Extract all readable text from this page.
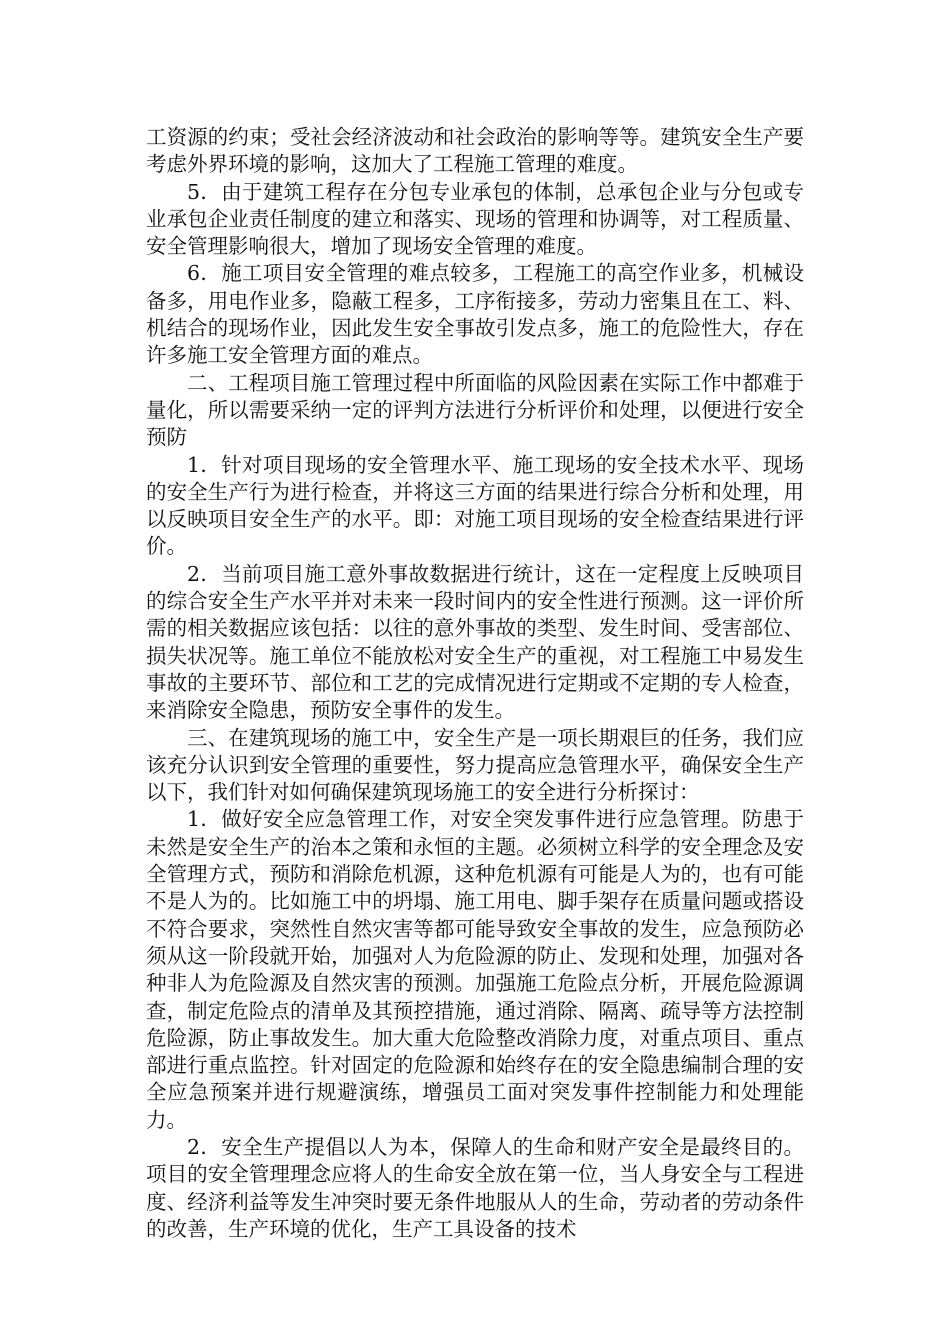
工资源的约束；受社会经济波动和社会政治的影响等等。建筑安全生产要考虑外界环境的影响，这加大了工程施工管理的难度。

5．由于建筑工程存在分包专业承包的体制，总承包企业与分包或专业承包企业责任制度的建立和落实、现场的管理和协调等，对工程质量、安全管理影响很大，增加了现场安全管理的难度。

6．施工项目安全管理的难点较多，工程施工的高空作业多，机械设备多，用电作业多，隐蔽工程多，工序衔接多，劳动力密集且在工、料、机结合的现场作业，因此发生安全事故引发点多，施工的危险性大，存在许多施工安全管理方面的难点。

二、工程项目施工管理过程中所面临的风险因素在实际工作中都难于量化，所以需要采纳一定的评判方法进行分析评价和处理，以便进行安全预防

1．针对项目现场的安全管理水平、施工现场的安全技术水平、现场的安全生产行为进行检查，并将这三方面的结果进行综合分析和处理，用以反映项目安全生产的水平。即：对施工项目现场的安全检查结果进行评价。

2．当前项目施工意外事故数据进行统计，这在一定程度上反映项目的综合安全生产水平并对未来一段时间内的安全性进行预测。这一评价所需的相关数据应该包括：以往的意外事故的类型、发生时间、受害部位、损失状况等。施工单位不能放松对安全生产的重视，对工程施工中易发生事故的主要环节、部位和工艺的完成情况进行定期或不定期的专人检查，来消除安全隐患，预防安全事件的发生。

三、在建筑现场的施工中，安全生产是一项长期艰巨的任务，我们应该充分认识到安全管理的重要性，努力提高应急管理水平，确保安全生产以下，我们针对如何确保建筑现场施工的安全进行分析探讨：

1．做好安全应急管理工作，对安全突发事件进行应急管理。防患于未然是安全生产的治本之策和永恒的主题。必须树立科学的安全理念及安全管理方式，预防和消除危机源，这种危机源有可能是人为的，也有可能不是人为的。比如施工中的坍塌、施工用电、脚手架存在质量问题或搭设不符合要求，突然性自然灾害等都可能导致安全事故的发生，应急预防必须从这一阶段就开始，加强对人为危险源的防止、发现和处理，加强对各种非人为危险源及自然灾害的预测。加强施工危险点分析，开展危险源调查，制定危险点的清单及其预控措施，通过消除、隔离、疏导等方法控制危险源，防止事故发生。加大重大危险整改消除力度，对重点项目、重点部进行重点监控。针对固定的危险源和始终存在的安全隐患编制合理的安全应急预案并进行规避演练，增强员工面对突发事件控制能力和处理能力。

2．安全生产提倡以人为本，保障人的生命和财产安全是最终目的。项目的安全管理理念应将人的生命安全放在第一位，当人身安全与工程进度、经济利益等发生冲突时要无条件地服从人的生命，劳动者的劳动条件的改善，生产环境的优化，生产工具设备的技术
